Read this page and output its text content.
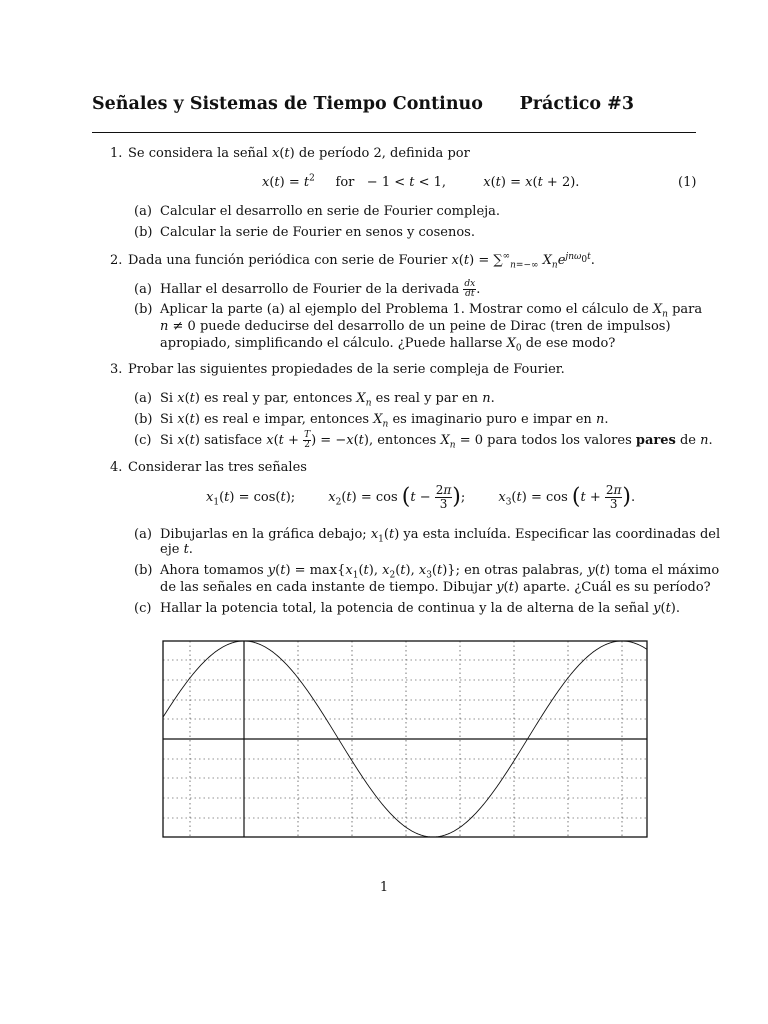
Señales y Sistemas de Tiempo Continuo Práctico #3
1. Se considera la señal x(t) de período 2, definida por
$x(t) = t^2$ for   − 1 < t < 1,         x(t) = x(t + 2).	(1)
(a) Calcular el desarrollo en serie de Fourier compleja.
(b) Calcular la serie de Fourier en senos y cosenos.
2. Dada una función periódica con serie de Fourier $x(t) = \sum^\infty_{n=-\infty}$ $X_ne^{jn\omega_0t}$.
(a) Hallar el desarrollo de Fourier de la derivada $\frac{dx}{dt}$ .
(b) Aplicar la parte (a) al ejemplo del Problema 1. Mostrar como el cálculo de $X_n$ para
n ≠ 0 puede deducirse del desarrollo de un peine de Dirac (tren de impulsos)
apropiado, simplificando el cálculo. ¿Puede hallarse $X_0$ de ese modo?
3. Probar las siguientes propiedades de la serie compleja de Fourier.
(a) Si x(t) es real y par, entonces $X_n$ es real y par en n.
(b) Si x(t) es real e impar, entonces $X_n$ es imaginario puro e impar en n.
(c) Si x(t) satisface $x(t + \frac{T}{2}$ ) = −x(t), entonces $X_n = 0$ para todos los valores pares de n.
4. Considerar las tres señales
$x_1(t) = \cos(t)$;        $x_2(t) = \cos (t - \frac{2\pi}{3}$ );        $x_3(t) = \cos (t + \frac{2\pi}{3}$ ).
(a) Dibujarlas en la gráfica debajo; $x_1(t)$ ya esta incluída. Especificar las coordinadas del
eje t.
(b) Ahora tomamos $y(t) = \max\{x_1(t)$, $x_2(t)$, $x_3(t)$}; en otras palabras, y(t) toma el máximo
de las señales en cada instante de tiempo. Dibujar y(t) aparte. ¿Cuál es su período?
(c) Hallar la potencia total, la potencia de continua y la de alterna de la señal y(t).
1
